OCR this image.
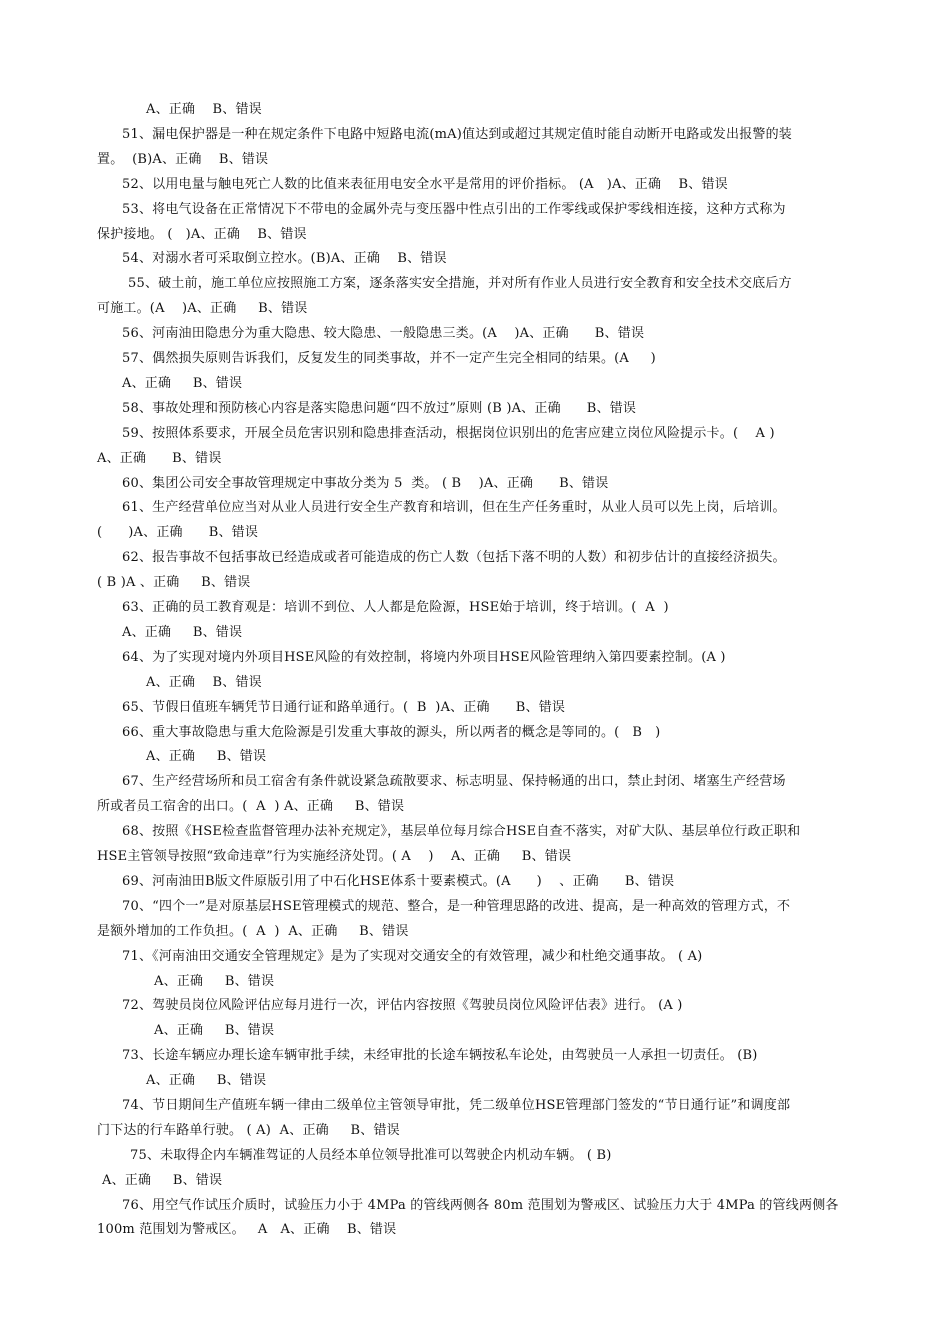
A、正确    B、错误
51、漏电保护器是一种在规定条件下电路中短路电流(mA)值达到或超过其规定值时能自动断开电路或发出报警的装
置。  (B)A、正确    B、错误
52、以用电量与触电死亡人数的比值来表征用电安全水平是常用的评价指标。 (A   )A、正确    B、错误
53、将电气设备在正常情况下不带电的金属外壳与变压器中性点引出的工作零线或保护零线相连接，这种方式称为
保护接地。 (   )A、正确    B、错误
54、对溺水者可采取倒立控水。(B)A、正确    B、错误
55、破土前，施工单位应按照施工方案，逐条落实安全措施，并对所有作业人员进行安全教育和安全技术交底后方
可施工。(A    )A、正确     B、错误
56、河南油田隐患分为重大隐患、较大隐患、一般隐患三类。(A    )A、正确      B、错误
57、偶然损失原则告诉我们，反复发生的同类事故，并不一定产生完全相同的结果。(A     )
A、正确     B、错误
58、事故处理和预防核心内容是落实隐患问题“四不放过”原则 (B )A、正确      B、错误
59、按照体系要求，开展全员危害识别和隐患排查活动，根据岗位识别出的危害应建立岗位风险提示卡。(    A )
A、正确      B、错误
60、集团公司安全事故管理规定中事故分类为 5  类。 ( B    )A、正确      B、错误
61、生产经营单位应当对从业人员进行安全生产教育和培训，但在生产任务重时，从业人员可以先上岗，后培训。
(      )A、正确      B、错误
62、报告事故不包括事故已经造成或者可能造成的伤亡人数（包括下落不明的人数）和初步估计的直接经济损失。
( B )A 、正确     B、错误
63、正确的员工教育观是：培训不到位、人人都是危险源，HSE始于培训，终于培训。(  A  )
A、正确     B、错误
64、为了实现对境内外项目HSE风险的有效控制，将境内外项目HSE风险管理纳入第四要素控制。(A )
A、正确    B、错误
65、节假日值班车辆凭节日通行证和路单通行。(  B  )A、正确      B、错误
66、重大事故隐患与重大危险源是引发重大事故的源头，所以两者的概念是等同的。(   B   )
A、正确     B、错误
67、生产经营场所和员工宿舍有条件就设紧急疏散要求、标志明显、保持畅通的出口，禁止封闭、堵塞生产经营场
所或者员工宿舍的出口。(  A  ) A、正确     B、错误
68、按照《HSE检查监督管理办法补充规定》，基层单位每月综合HSE自查不落实，对矿大队、基层单位行政正职和
HSE主管领导按照“致命违章”行为实施经济处罚。( A    )    A、正确     B、错误
69、河南油田B版文件原版引用了中石化HSE体系十要素模式。(A      )    、正确      B、错误
70、“四个一”是对原基层HSE管理模式的规范、整合，是一种管理思路的改进、提高，是一种高效的管理方式，不
是额外增加的工作负担。(  A  )  A、正确     B、错误
71、《河南油田交通安全管理规定》是为了实现对交通安全的有效管理，减少和杜绝交通事故。 ( A)
A、正确     B、错误
72、驾驶员岗位风险评估应每月进行一次，评估内容按照《驾驶员岗位风险评估表》进行。 (A )
A、正确     B、错误
73、长途车辆应办理长途车辆审批手续，未经审批的长途车辆按私车论处，由驾驶员一人承担一切责任。 (B)
A、正确     B、错误
74、节日期间生产值班车辆一律由二级单位主管领导审批，凭二级单位HSE管理部门签发的“节日通行证”和调度部
门下达的行车路单行驶。 ( A)  A、正确     B、错误
75、未取得企内车辆准驾证的人员经本单位领导批准可以驾驶企内机动车辆。 ( B)
A、正确     B、错误
76、用空气作试压介质时，试验压力小于 4MPa 的管线两侧各 80m 范围划为警戒区、试验压力大于 4MPa 的管线两侧各
100m 范围划为警戒区。   A   A、正确    B、错误
